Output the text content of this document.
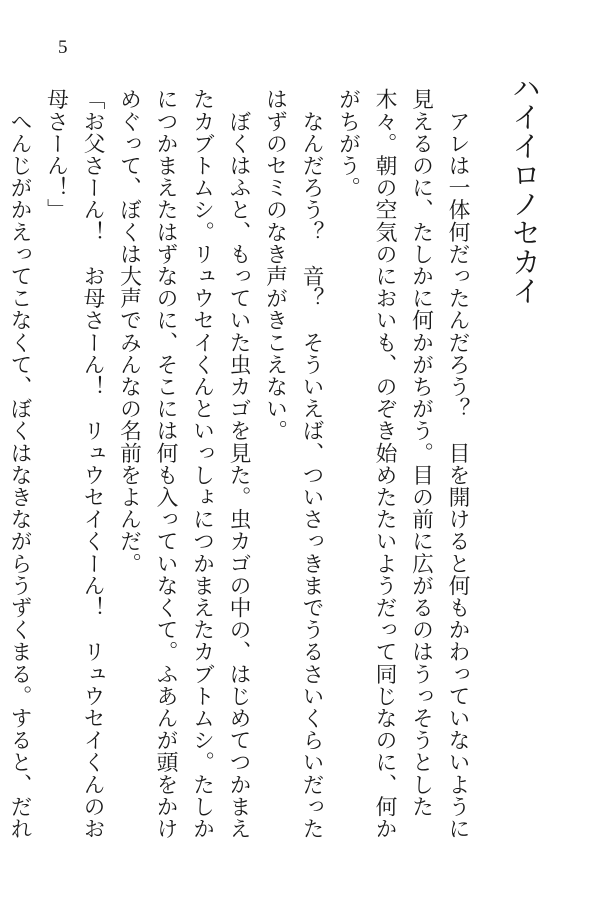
5
ハイイロノセカイ

　アレは一体何だったんだろう？　目を開けると何もかわっていないように見えるのに、たしかに何かがちがう。目の前に広がるのはうっそうとした木々。朝の空気のにおいも、のぞき始めたたいようだって同じなのに、何かがちがう。

　なんだろう？　音？　そういえば、ついさっきまでうるさいくらいだったはずのセミのなき声がきこえない。

　ぼくはふと、もっていた虫カゴを見た。虫カゴの中の、はじめてつかまえたカブトムシ。リュウセイくんといっしょにつかまえたカブトムシ。たしかにつかまえたはずなのに、そこには何も入っていなくて。ふあんが頭をかけめぐって、ぼくは大声でみんなの名前をよんだ。

「お父さーん！　お母さーん！　リュウセイくーん！　リュウセイくんのお母さーん！」

　へんじがかえってこなくて、ぼくはなきながらうずくまる。すると、だれ
